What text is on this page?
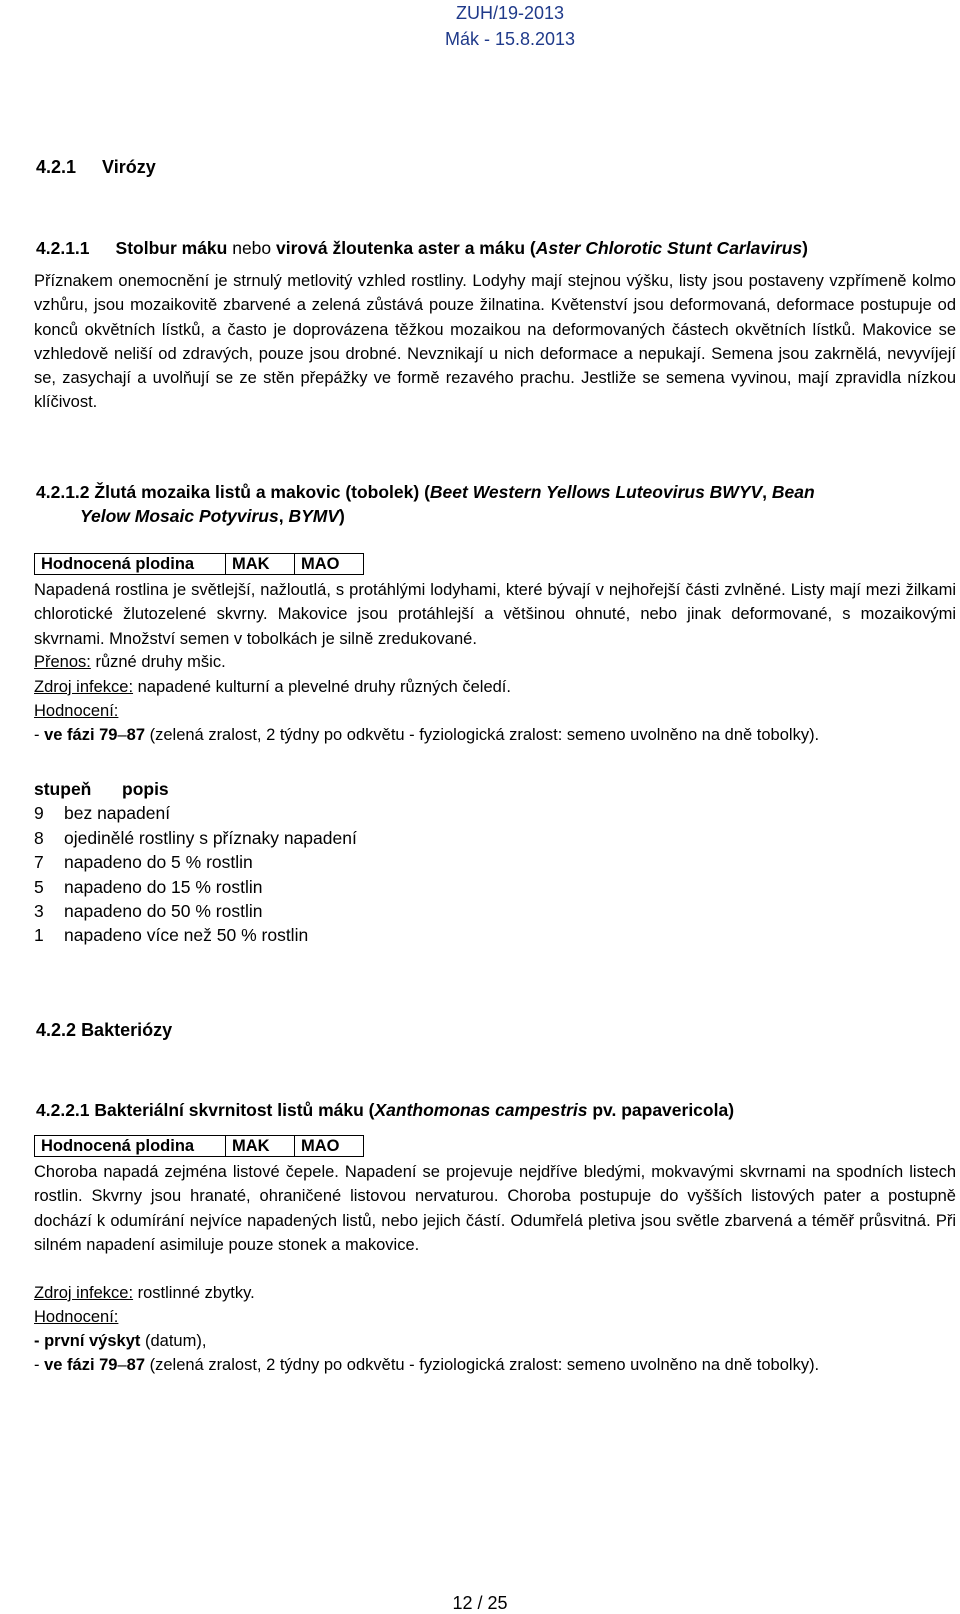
ZUH/19-2013
Mák - 15.8.2013
4.2.1 Virózy
4.2.1.1 Stolbur máku nebo virová žloutenka aster a máku (Aster Chlorotic Stunt Carlavirus)

Příznakem onemocnění je strnulý metlovitý vzhled rostliny. Lodyhy mají stejnou výšku, listy jsou postaveny vzpřímeně kolmo vzhůru, jsou mozaikovitě zbarvené a zelená zůstává pouze žilnatina. Květenství jsou deformovaná, deformace postupuje od konců okvětních lístků, a často je doprovázena těžkou mozaikou na deformovaných částech okvětních lístků. Makovice se vzhledově neliší od zdravých, pouze jsou drobné. Nevznikají u nich deformace a nepukají. Semena jsou zakrnělá, nevyvíjejí se, zasychají a uvolňují se ze stěn přepážky ve formě rezavého prachu. Jestliže se semena vyvinou, mají zpravidla nízkou klíčivost.

4.2.1.2 Žlutá mozaika listů a makovic (tobolek) (Beet Western Yellows Luteovirus BWYV, Bean
Yelow Mosaic Potyvirus, BYMV)
Hodnocená plodina	MAK	MAO

Napadená rostlina je světlejší, nažloutlá, s protáhlými lodyhami, které bývají v nejhořejší části zvlněné. Listy mají mezi žilkami chlorotické žlutozelené skvrny. Makovice jsou protáhlejší a většinou ohnuté, nebo jinak deformované, s mozaikovými skvrnami. Množství semen v tobolkách je silně zredukované.

Přenos: různé druhy mšic.
Zdroj infekce: napadené kulturní a plevelné druhy různých čeledí.
Hodnocení:

- ve fázi 79–87 (zelená zralost, 2 týdny po odkvětu - fyziologická zralost: semeno uvolněno na dně tobolky).

stupeň	popis
9	bez napadení
8	ojedinělé rostliny s příznaky napadení
7	napadeno do 5 % rostlin
5	napadeno do 15 % rostlin
3	napadeno do 50 % rostlin
1	napadeno více než 50 % rostlin
4.2.2 Bakteriózy
4.2.2.1 Bakteriální skvrnitost listů máku (Xanthomonas campestris pv. papavericola)
Hodnocená plodina	MAK	MAO

Choroba napadá zejména listové čepele. Napadení se projevuje nejdříve bledými, mokvavými skvrnami na spodních listech rostlin. Skvrny jsou hranaté, ohraničené listovou nervaturou. Choroba postupuje do vyšších listových pater a postupně dochází k odumírání nejvíce napadených listů, nebo jejich částí. Odumřelá pletiva jsou světle zbarvená a téměř průsvitná. Při silném napadení asimiluje pouze stonek a makovice.

Zdroj infekce: rostlinné zbytky.
Hodnocení:
- první výskyt (datum),

- ve fázi 79–87 (zelená zralost, 2 týdny po odkvětu - fyziologická zralost: semeno uvolněno na dně tobolky).

12 / 25
